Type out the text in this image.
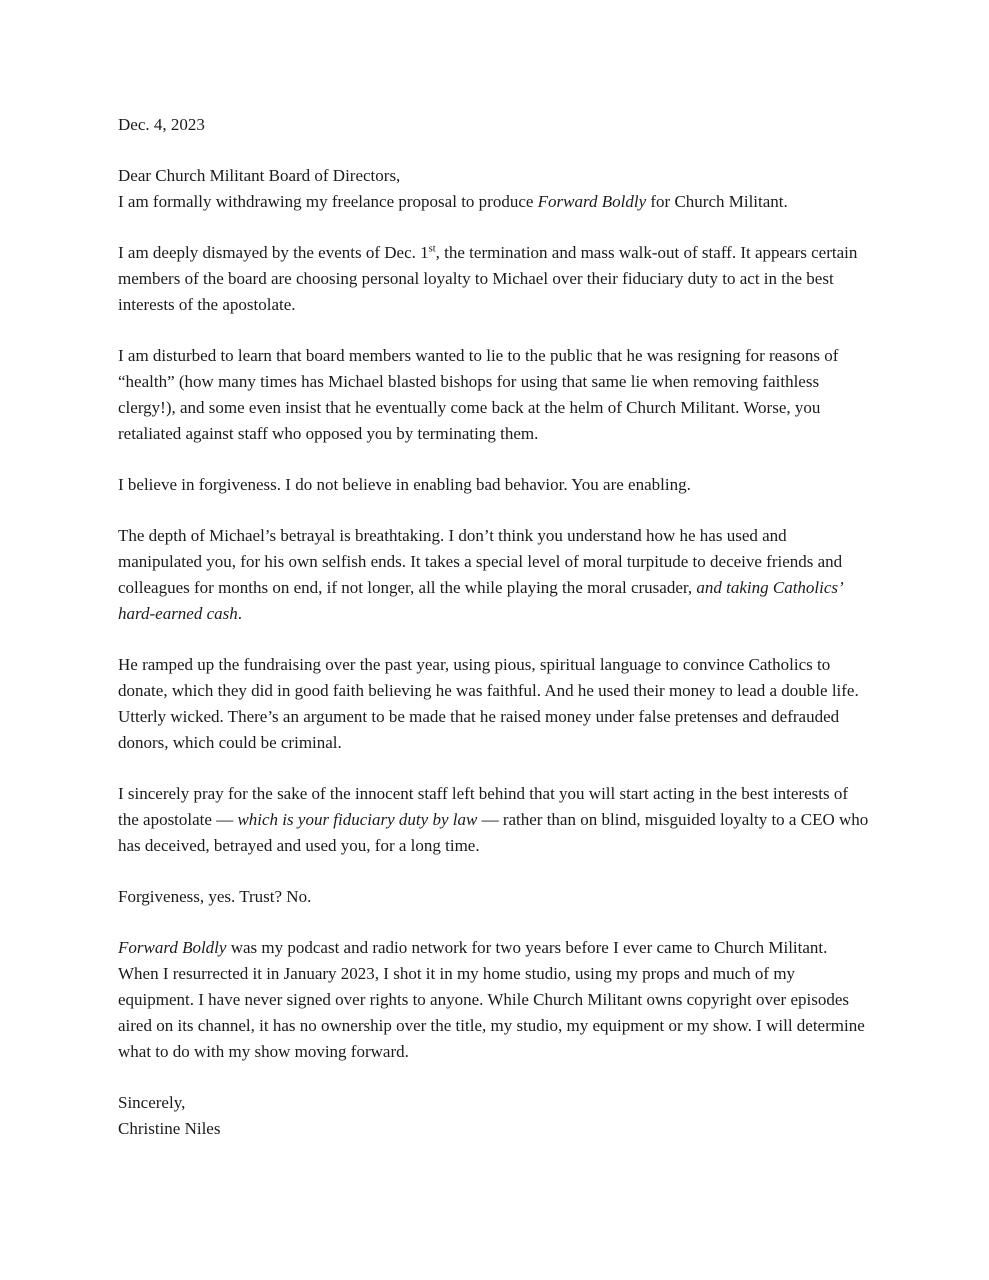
Dec. 4, 2023

Dear Church Militant Board of Directors,

I am formally withdrawing my freelance proposal to produce Forward Boldly for Church Militant.

I am deeply dismayed by the events of Dec. 1st, the termination and mass walk-out of staff. It appears certain members of the board are choosing personal loyalty to Michael over their fiduciary duty to act in the best interests of the apostolate.

I am disturbed to learn that board members wanted to lie to the public that he was resigning for reasons of “health” (how many times has Michael blasted bishops for using that same lie when removing faithless clergy!), and some even insist that he eventually come back at the helm of Church Militant. Worse, you retaliated against staff who opposed you by terminating them.

I believe in forgiveness. I do not believe in enabling bad behavior. You are enabling.

The depth of Michael’s betrayal is breathtaking. I don’t think you understand how he has used and manipulated you, for his own selfish ends. It takes a special level of moral turpitude to deceive friends and colleagues for months on end, if not longer, all the while playing the moral crusader, and taking Catholics’ hard-earned cash.

He ramped up the fundraising over the past year, using pious, spiritual language to convince Catholics to donate, which they did in good faith believing he was faithful. And he used their money to lead a double life. Utterly wicked. There’s an argument to be made that he raised money under false pretenses and defrauded donors, which could be criminal.

I sincerely pray for the sake of the innocent staff left behind that you will start acting in the best interests of the apostolate — which is your fiduciary duty by law — rather than on blind, misguided loyalty to a CEO who has deceived, betrayed and used you, for a long time.

Forgiveness, yes. Trust? No.

Forward Boldly was my podcast and radio network for two years before I ever came to Church Militant. When I resurrected it in January 2023, I shot it in my home studio, using my props and much of my equipment. I have never signed over rights to anyone. While Church Militant owns copyright over episodes aired on its channel, it has no ownership over the title, my studio, my equipment or my show. I will determine what to do with my show moving forward.

Sincerely,

Christine Niles
